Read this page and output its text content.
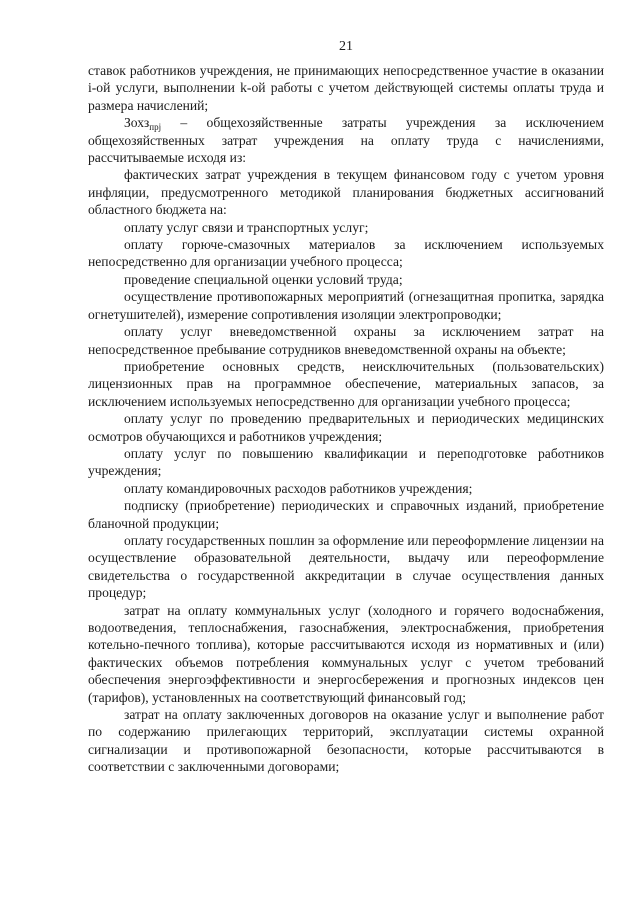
21

ставок работников учреждения, не принимающих непосредственное участие в оказании i-ой услуги, выполнении k-ой работы с учетом действующей системы оплаты труда и размера начислений;

Зохз$_{прj}$ – общехозяйственные затраты учреждения за исключением общехозяйственных затрат учреждения на оплату труда с начислениями, рассчитываемые исходя из:

фактических затрат учреждения в текущем финансовом году с учетом уровня инфляции, предусмотренного методикой планирования бюджетных ассигнований областного бюджета на:

оплату услуг связи и транспортных услуг;

оплату горюче-смазочных материалов за исключением используемых непосредственно для организации учебного процесса;

проведение специальной оценки условий труда;

осуществление противопожарных мероприятий (огнезащитная пропитка, зарядка огнетушителей), измерение сопротивления изоляции электропроводки;

оплату услуг вневедомственной охраны за исключением затрат на непосредственное пребывание сотрудников вневедомственной охраны на объекте;

приобретение основных средств, неисключительных (пользовательских) лицензионных прав на программное обеспечение, материальных запасов, за исключением используемых непосредственно для организации учебного процесса;

оплату услуг по проведению предварительных и периодических медицинских осмотров обучающихся и работников учреждения;

оплату услуг по повышению квалификации и переподготовке работников учреждения;

оплату командировочных расходов работников учреждения;

подписку (приобретение) периодических и справочных изданий, приобретение бланочной продукции;

оплату государственных пошлин за оформление или переоформление лицензии на осуществление образовательной деятельности, выдачу или переоформление свидетельства о государственной аккредитации в случае осуществления данных процедур;

затрат на оплату коммунальных услуг (холодного и горячего водоснабжения, водоотведения, теплоснабжения, газоснабжения, электроснабжения, приобретения котельно-печного топлива), которые рассчитываются исходя из нормативных и (или) фактических объемов потребления коммунальных услуг с учетом требований обеспечения энергоэффективности и энергосбережения и прогнозных индексов цен (тарифов), установленных на соответствующий финансовый год;

затрат на оплату заключенных договоров на оказание услуг и выполнение работ по содержанию прилегающих территорий, эксплуатации системы охранной сигнализации и противопожарной безопасности, которые рассчитываются в соответствии с заключенными договорами;
